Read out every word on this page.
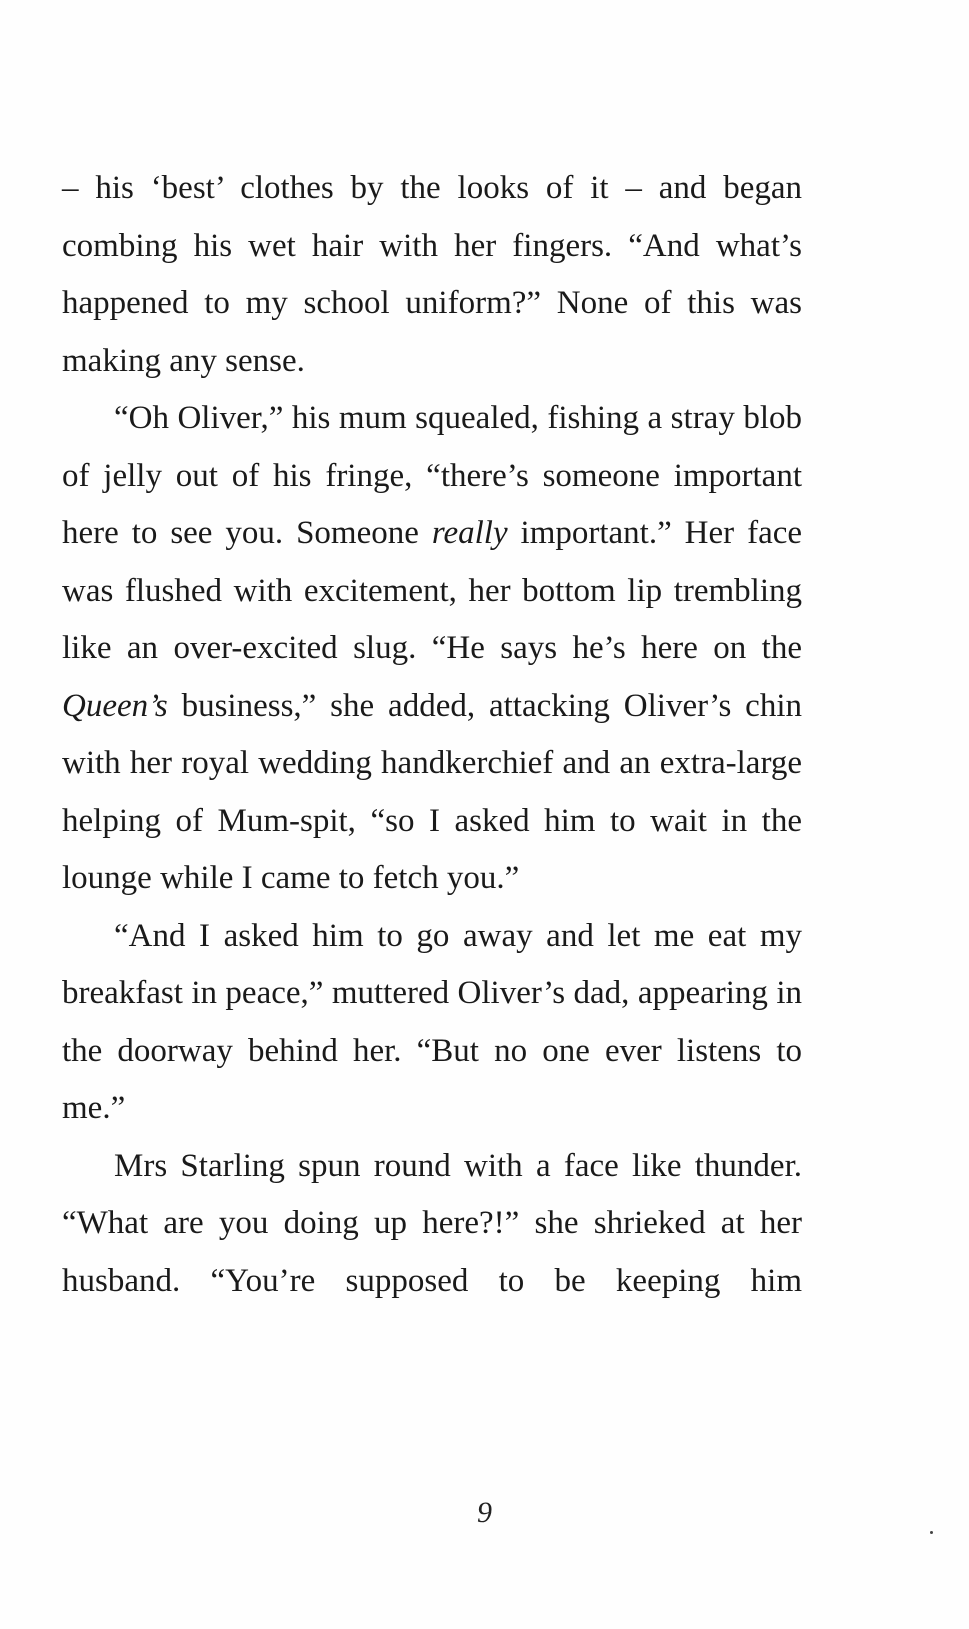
– his ‘best’ clothes by the looks of it – and began combing his wet hair with her fingers. “And what’s happened to my school uniform?” None of this was making any sense.

“Oh Oliver,” his mum squealed, fishing a stray blob of jelly out of his fringe, “there’s someone important here to see you. Someone really important.” Her face was flushed with excitement, her bottom lip trembling like an over-excited slug. “He says he’s here on the Queen’s business,” she added, attacking Oliver’s chin with her royal wedding handkerchief and an extra-large helping of Mum-spit, “so I asked him to wait in the lounge while I came to fetch you.”

“And I asked him to go away and let me eat my breakfast in peace,” muttered Oliver’s dad, appearing in the doorway behind her. “But no one ever listens to me.”

Mrs Starling spun round with a face like thunder. “What are you doing up here?!” she shrieked at her husband. “You’re supposed to be keeping him

9
